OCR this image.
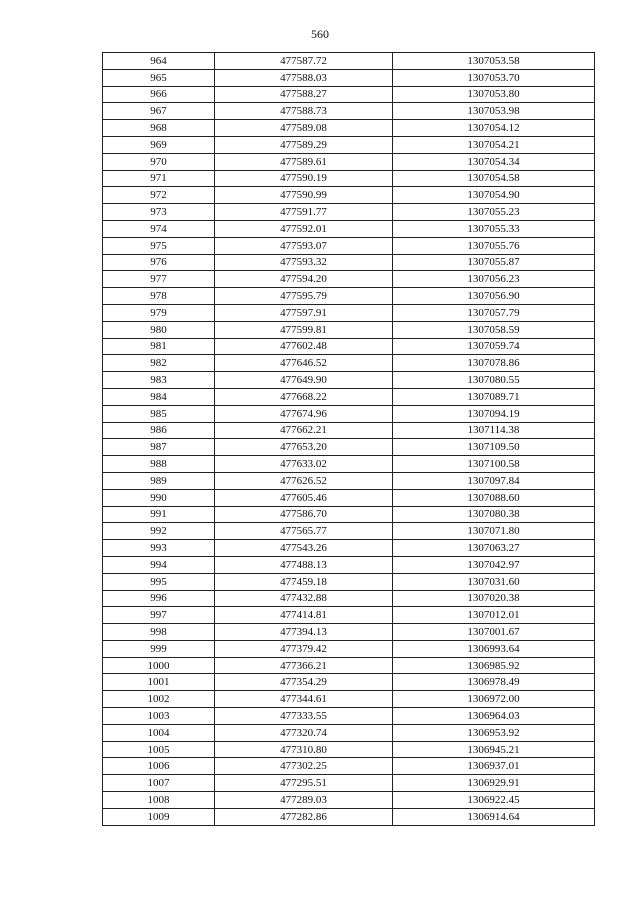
560
964	477587.72	1307053.58
965	477588.03	1307053.70
966	477588.27	1307053.80
967	477588.73	1307053.98
968	477589.08	1307054.12
969	477589.29	1307054.21
970	477589.61	1307054.34
971	477590.19	1307054.58
972	477590.99	1307054.90
973	477591.77	1307055.23
974	477592.01	1307055.33
975	477593.07	1307055.76
976	477593.32	1307055.87
977	477594.20	1307056.23
978	477595.79	1307056.90
979	477597.91	1307057.79
980	477599.81	1307058.59
981	477602.48	1307059.74
982	477646.52	1307078.86
983	477649.90	1307080.55
984	477668.22	1307089.71
985	477674.96	1307094.19
986	477662.21	1307114.38
987	477653.20	1307109.50
988	477633.02	1307100.58
989	477626.52	1307097.84
990	477605.46	1307088.60
991	477586.70	1307080.38
992	477565.77	1307071.80
993	477543.26	1307063.27
994	477488.13	1307042.97
995	477459.18	1307031.60
996	477432.88	1307020.38
997	477414.81	1307012.01
998	477394.13	1307001.67
999	477379.42	1306993.64
1000	477366.21	1306985.92
1001	477354.29	1306978.49
1002	477344.61	1306972.00
1003	477333.55	1306964.03
1004	477320.74	1306953.92
1005	477310.80	1306945.21
1006	477302.25	1306937.01
1007	477295.51	1306929.91
1008	477289.03	1306922.45
1009	477282.86	1306914.64
